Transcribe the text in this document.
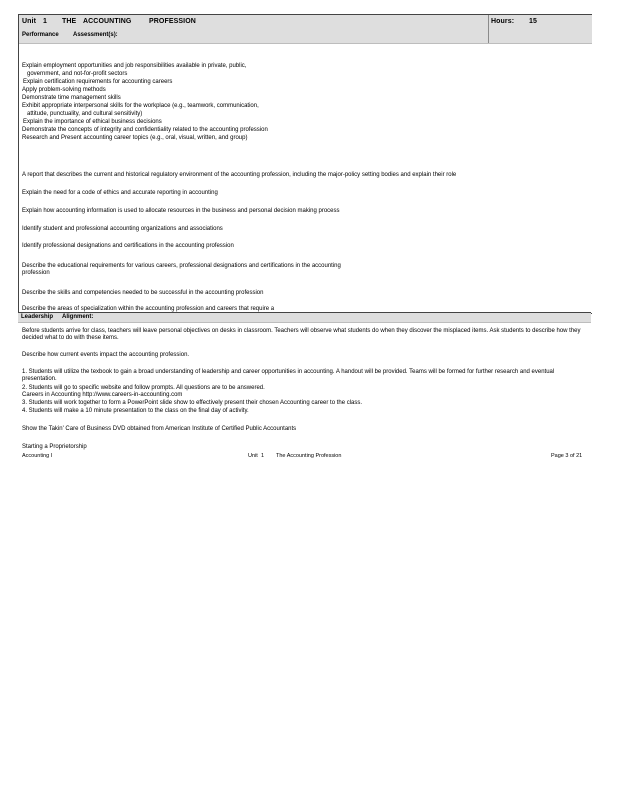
Unit 1 THE ACCOUNTING	PROFESSION	Hours: 15
Performance Assessment(s):
Explain employment opportunities and job responsibilities available in private, public,
government, and not-for-profit sectors
Explain certification requirements for accounting careers
Apply problem-solving methods
Demonstrate time management skills
Exhibit appropriate interpersonal skills for the workplace (e.g., teamwork, communication,
attitude, punctuality, and cultural sensitivity)
Explain the importance of ethical business decisions
Demonstrate the concepts of integrity and confidentiality related to the accounting profession
Research and Present accounting career topics (e.g., oral, visual, written, and group)
A report that describes the current and historical regulatory environment of the accounting profession, including the major-policy setting bodies and explain their role
Explain the need for a code of ethics and accurate reporting in accounting
Explain how accounting information is used to allocate resources in the business and personal decision making process
Identify student and professional accounting organizations and associations
Identify professional designations and certifications in the accounting profession
Describe the educational requirements for various careers, professional designations and certifications in the accounting profession
Describe the skills and competencies needed to be successful in the accounting profession
Describe the areas of specialization within the accounting profession and careers that require a
Leadership Alignment:
Before students arrive for class, teachers will leave personal objectives on desks in classroom. Teachers will observe what students do when they discover the misplaced items. Ask students to describe how they decided what to do with these items.
Describe how current events impact the accounting profession.
1. Students will utilize the texbook to gain a broad understanding of leadership and career opportunities in accounting. A handout will be provided. Teams will be formed for further research and eventual presentation.
2. Students will go to specific website and follow prompts. All questions are to be answered.
Careers in Accounting http://www.careers-in-accounting.com
3. Students will work together to form a PowerPoint slide show to effectively present their chosen Accounting career to the class.
4. Students will make a 10 minute presentation to the class on the final day of activity.
Show the Takin' Care of Business DVD obtained from American Institute of Certified Public Accountants
Starting a Proprietorship
Accounting I	Unit 1 The Accounting Profession	Page 3 of 21
